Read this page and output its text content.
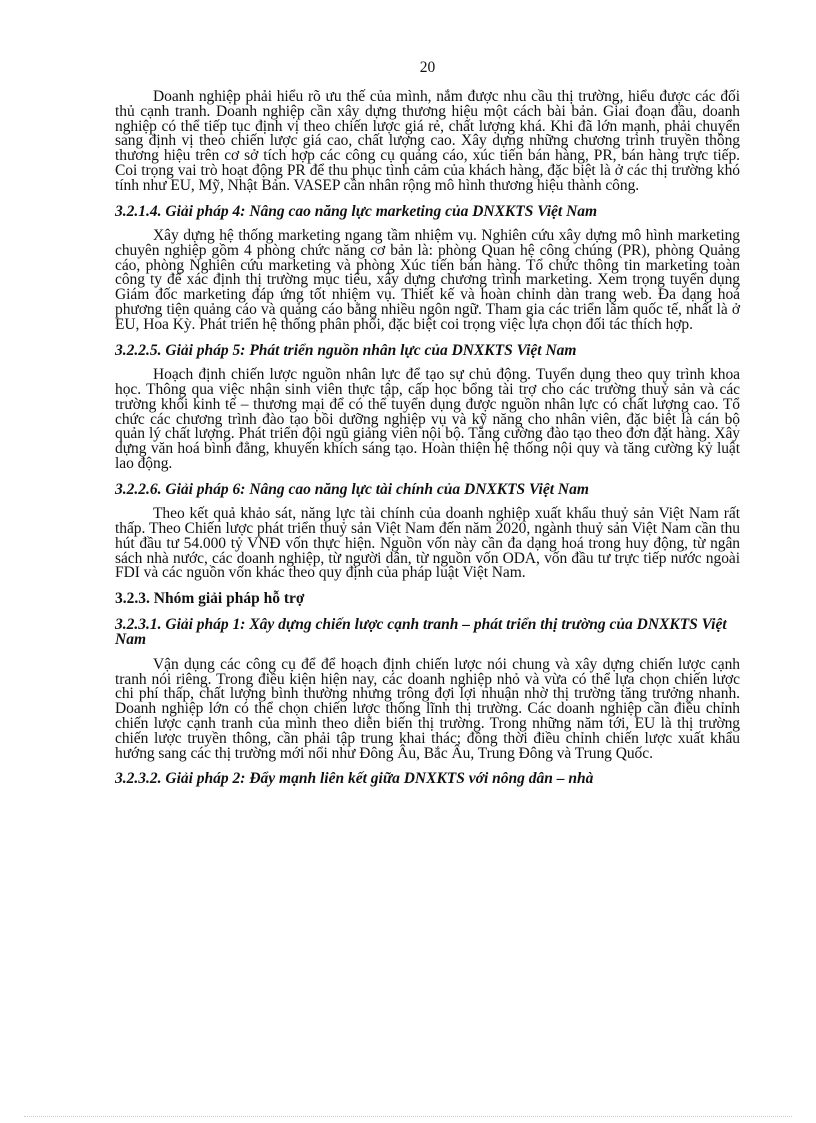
20
Doanh nghiệp phải hiểu rõ ưu thế của mình, nắm được nhu cầu thị trường, hiểu được các đối thủ cạnh tranh. Doanh nghiệp cần xây dựng thương hiệu một cách bài bản. Giai đoạn đầu, doanh nghiệp có thể tiếp tục định vị theo chiến lược giá rẻ, chất lượng khá. Khi đã lớn mạnh, phải chuyển sang định vị theo chiến lược giá cao, chất lượng cao. Xây dựng những chương trình truyền thông thương hiệu trên cơ sở tích hợp các công cụ quảng cáo, xúc tiến bán hàng, PR, bán hàng trực tiếp. Coi trọng vai trò hoạt động PR để thu phục tình cảm của khách hàng, đặc biệt là ở các thị trường khó tính như EU, Mỹ, Nhật Bản. VASEP cần nhân rộng mô hình thương hiệu thành công.
3.2.1.4. Giải pháp 4: Nâng cao năng lực marketing của DNXKTS Việt Nam
Xây dựng hệ thống marketing ngang tầm nhiệm vụ. Nghiên cứu xây dựng mô hình marketing chuyên nghiệp gồm 4 phòng chức năng cơ bản là: phòng Quan hệ công chúng (PR), phòng Quảng cáo, phòng Nghiên cứu marketing và phòng Xúc tiến bán hàng. Tổ chức thông tin marketing toàn công ty để xác định thị trường mục tiêu, xây dựng chương trình marketing. Xem trọng tuyển dụng Giám đốc marketing đáp ứng tốt nhiệm vụ. Thiết kế và hoàn chỉnh dàn trang web. Đa dạng hoá phương tiện quảng cáo và quảng cáo bằng nhiều ngôn ngữ. Tham gia các triển lãm quốc tế, nhất là ở EU, Hoa Kỳ. Phát triển hệ thống phân phối, đặc biệt coi trọng việc lựa chọn đối tác thích hợp.
3.2.2.5. Giải pháp 5: Phát triển nguồn nhân lực của DNXKTS Việt Nam
Hoạch định chiến lược nguồn nhân lực để tạo sự chủ động. Tuyển dụng theo quy trình khoa học. Thông qua việc nhận sinh viên thực tập, cấp học bổng tài trợ cho các trường thuỷ sản và các trường khối kinh tế – thương mại để có thể tuyển dụng được nguồn nhân lực có chất lượng cao. Tổ chức các chương trình đào tạo bồi dưỡng nghiệp vụ và kỹ năng cho nhân viên, đặc biệt là cán bộ quản lý chất lượng. Phát triển đội ngũ giảng viên nội bộ. Tăng cường đào tạo theo đơn đặt hàng. Xây dựng văn hoá bình đẳng, khuyến khích sáng tạo. Hoàn thiện hệ thống nội quy và tăng cường kỷ luật lao động.
3.2.2.6. Giải pháp 6: Nâng cao năng lực tài chính của DNXKTS Việt Nam
Theo kết quả khảo sát, năng lực tài chính của doanh nghiệp xuất khẩu thuỷ sản Việt Nam rất thấp. Theo Chiến lược phát triển thuỷ sản Việt Nam đến năm 2020, ngành thuỷ sản Việt Nam cần thu hút đầu tư 54.000 tỷ VNĐ vốn thực hiện. Nguồn vốn này cần đa dạng hoá trong huy động, từ ngân sách nhà nước, các doanh nghiệp, từ người dân, từ nguồn vốn ODA, vốn đầu tư trực tiếp nước ngoài FDI và các nguồn vốn khác theo quy định của pháp luật Việt Nam.
3.2.3. Nhóm giải pháp hỗ trợ
3.2.3.1. Giải pháp 1: Xây dựng chiến lược cạnh tranh – phát triển thị trường của DNXKTS Việt Nam
Vận dụng các công cụ để để hoạch định chiến lược nói chung và xây dựng chiến lược cạnh tranh nói riêng. Trong điều kiện hiện nay, các doanh nghiệp nhỏ và vừa có thể lựa chọn chiến lược chi phí thấp, chất lượng bình thường nhưng trông đợi lợi nhuận nhờ thị trường tăng trưởng nhanh. Doanh nghiệp lớn có thể chọn chiến lược thống lĩnh thị trường. Các doanh nghiệp cần điều chỉnh chiến lược cạnh tranh của mình theo diễn biến thị trường. Trong những năm tới, EU là thị trường chiến lược truyền thông, cần phải tập trung khai thác; đồng thời điều chỉnh chiến lược xuất khẩu hướng sang các thị trường mới nổi như Đông Âu, Bắc Âu, Trung Đông và Trung Quốc.
3.2.3.2. Giải pháp 2: Đẩy mạnh liên kết giữa DNXKTS với nông dân – nhà
